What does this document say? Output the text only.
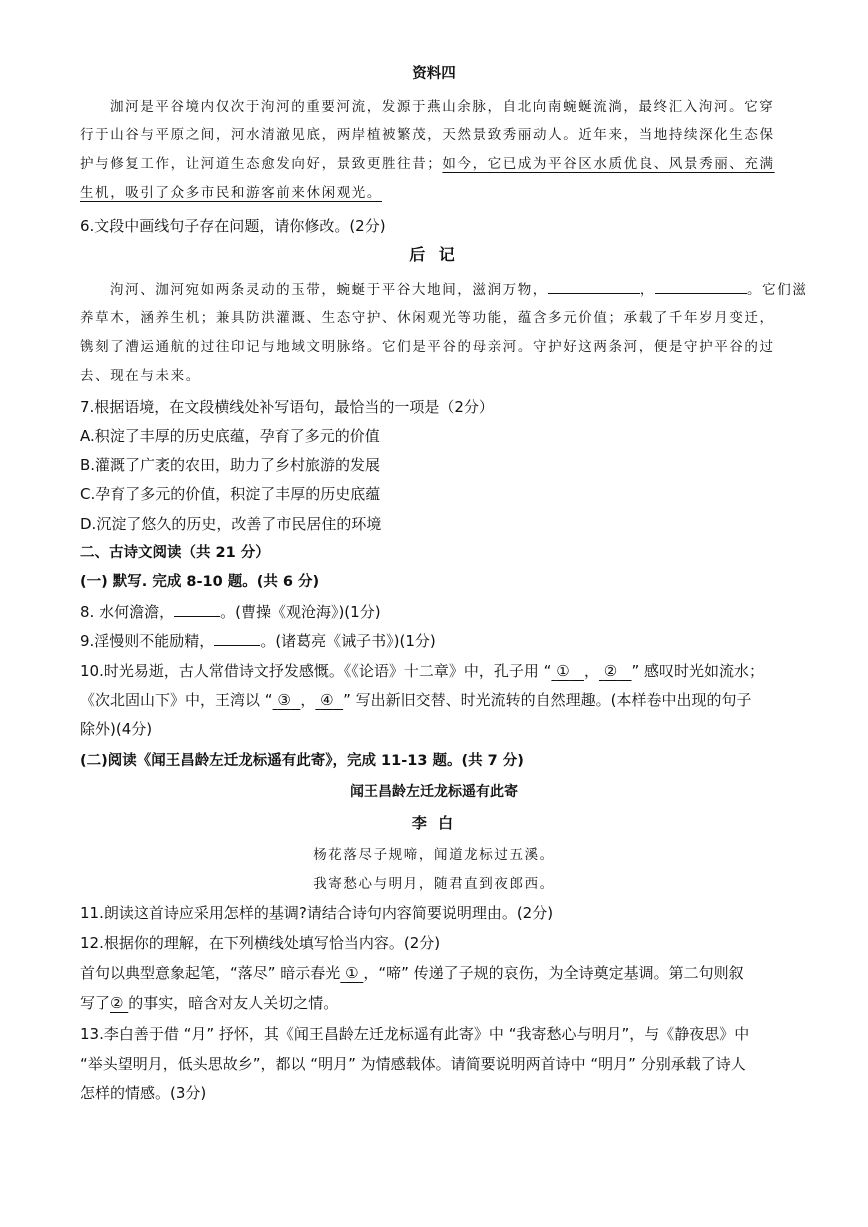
资料四
泇河是平谷境内仅次于泃河的重要河流，发源于燕山余脉，自北向南蜿蜒流淌，最终汇入泃河。它穿
行于山谷与平原之间，河水清澈见底，两岸植被繁茂，天然景致秀丽动人。近年来，当地持续深化生态保
护与修复工作，让河道生态愈发向好，景致更胜往昔；如今，它已成为平谷区水质优良、风景秀丽、充满
生机，吸引了众多市民和游客前来休闲观光。
6.文段中画线句子存在问题，请你修改。(2分)
后 记
泃河、泇河宛如两条灵动的玉带，蜿蜒于平谷大地间，滋润万物，	，	。它们滋
养草木，涵养生机；兼具防洪灌溉、生态守护、休闲观光等功能，蕴含多元价值；承载了千年岁月变迁，
镌刻了漕运通航的过往印记与地域文明脉络。它们是平谷的母亲河。守护好这两条河，便是守护平谷的过
去、现在与未来。
7.根据语境，在文段横线处补写语句，最恰当的一项是（2分）
A.积淀了丰厚的历史底蕴，孕育了多元的价值
B.灌溉了广袤的农田，助力了乡村旅游的发展
C.孕育了多元的价值，积淀了丰厚的历史底蕴
D.沉淀了悠久的历史，改善了市民居住的环境
二、古诗文阅读（共 21 分）
(一) 默写. 完成 8-10 题。(共 6 分)
8. 水何澹澹，	。(曹操《观沧海》)(1分)
9.淫慢则不能励精，	。(诸葛亮《诫子书》)(1分)
10.时光易逝，古人常借诗文抒发感慨。《《论语》十二章》中，孔子用 “ ① ， ② ” 感叹时光如流水；
《次北固山下》中，王湾以 “ ③ ， ④ ” 写出新旧交替、时光流转的自然理趣。(本样卷中出现的句子
除外)(4分)
(二)阅读《闻王昌龄左迁龙标遥有此寄》，完成 11-13 题。(共 7 分)
闻王昌龄左迁龙标遥有此寄
李 白
杨花落尽子规啼，闻道龙标过五溪。
我寄愁心与明月，随君直到夜郎西。
11.朗读这首诗应采用怎样的基调?请结合诗句内容简要说明理由。(2分)
12.根据你的理解，在下列横线处填写恰当内容。(2分)
首句以典型意象起笔，“落尽” 暗示春光 ① ，“啼” 传递了子规的哀伤，为全诗奠定基调。第二句则叙
写了② 的事实，暗含对友人关切之情。
13.李白善于借 “月” 抒怀，其《闻王昌龄左迁龙标遥有此寄》中 “我寄愁心与明月”，与《静夜思》中
“举头望明月，低头思故乡”，都以 “明月” 为情感载体。请简要说明两首诗中 “明月” 分别承载了诗人
怎样的情感。(3分)
